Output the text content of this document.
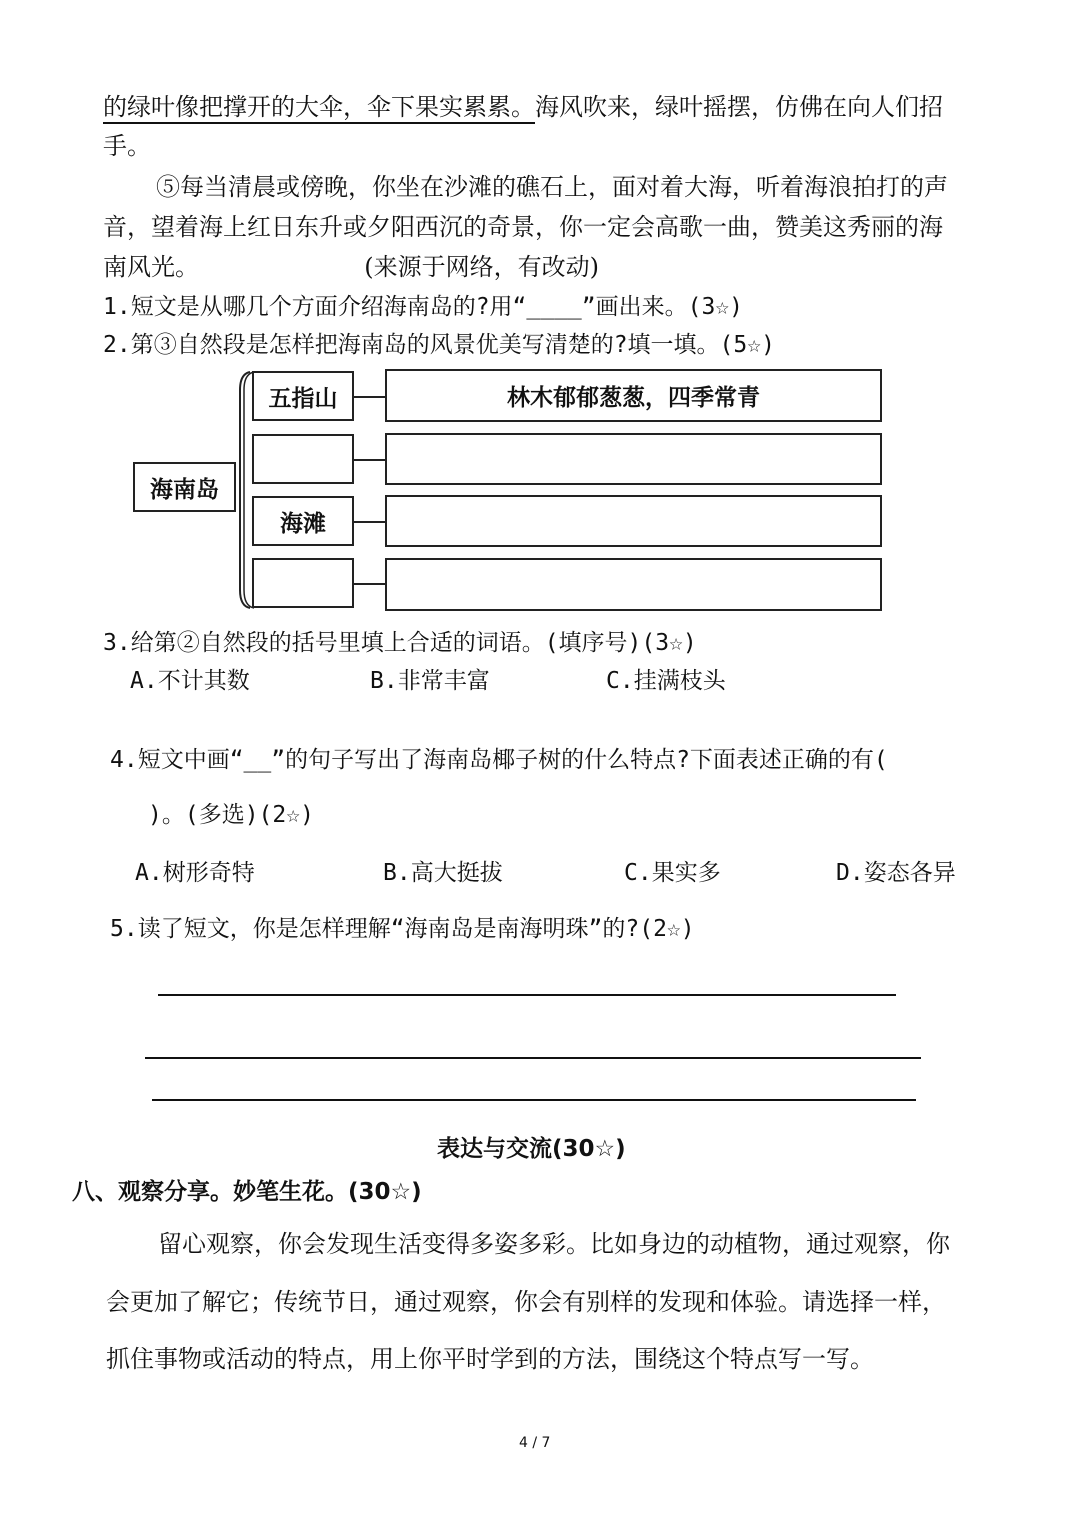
的绿叶像把撑开的大伞，伞下果实累累。海风吹来，绿叶摇摆，仿佛在向人们招
手。
⑤每当清晨或傍晚，你坐在沙滩的礁石上，面对着大海，听着海浪拍打的声
音，望着海上红日东升或夕阳西沉的奇景，你一定会高歌一曲，赞美这秀丽的海
南风光。	(来源于网络，有改动)
1.短文是从哪几个方面介绍海南岛的?用“____”画出来。(3☆)
2.第③自然段是怎样把海南岛的风景优美写清楚的?填一填。(5☆)
海南岛
五指山	林木郁郁葱葱，四季常青
海滩
3.给第②自然段的括号里填上合适的词语。(填序号)(3☆)
A.不计其数	B.非常丰富	C.挂满枝头
4.短文中画“__”的句子写出了海南岛椰子树的什么特点?下面表述正确的有(
)。(多选)(2☆)
A.树形奇特	B.高大挺拔	C.果实多	D.姿态各异
5.读了短文，你是怎样理解“海南岛是南海明珠”的?(2☆)
表达与交流(30☆)
八、观察分享。妙笔生花。(30☆)
留心观察，你会发现生活变得多姿多彩。比如身边的动植物，通过观察，你
会更加了解它；传统节日，通过观察，你会有别样的发现和体验。请选择一样，
抓住事物或活动的特点，用上你平时学到的方法，围绕这个特点写一写。
4 / 7
